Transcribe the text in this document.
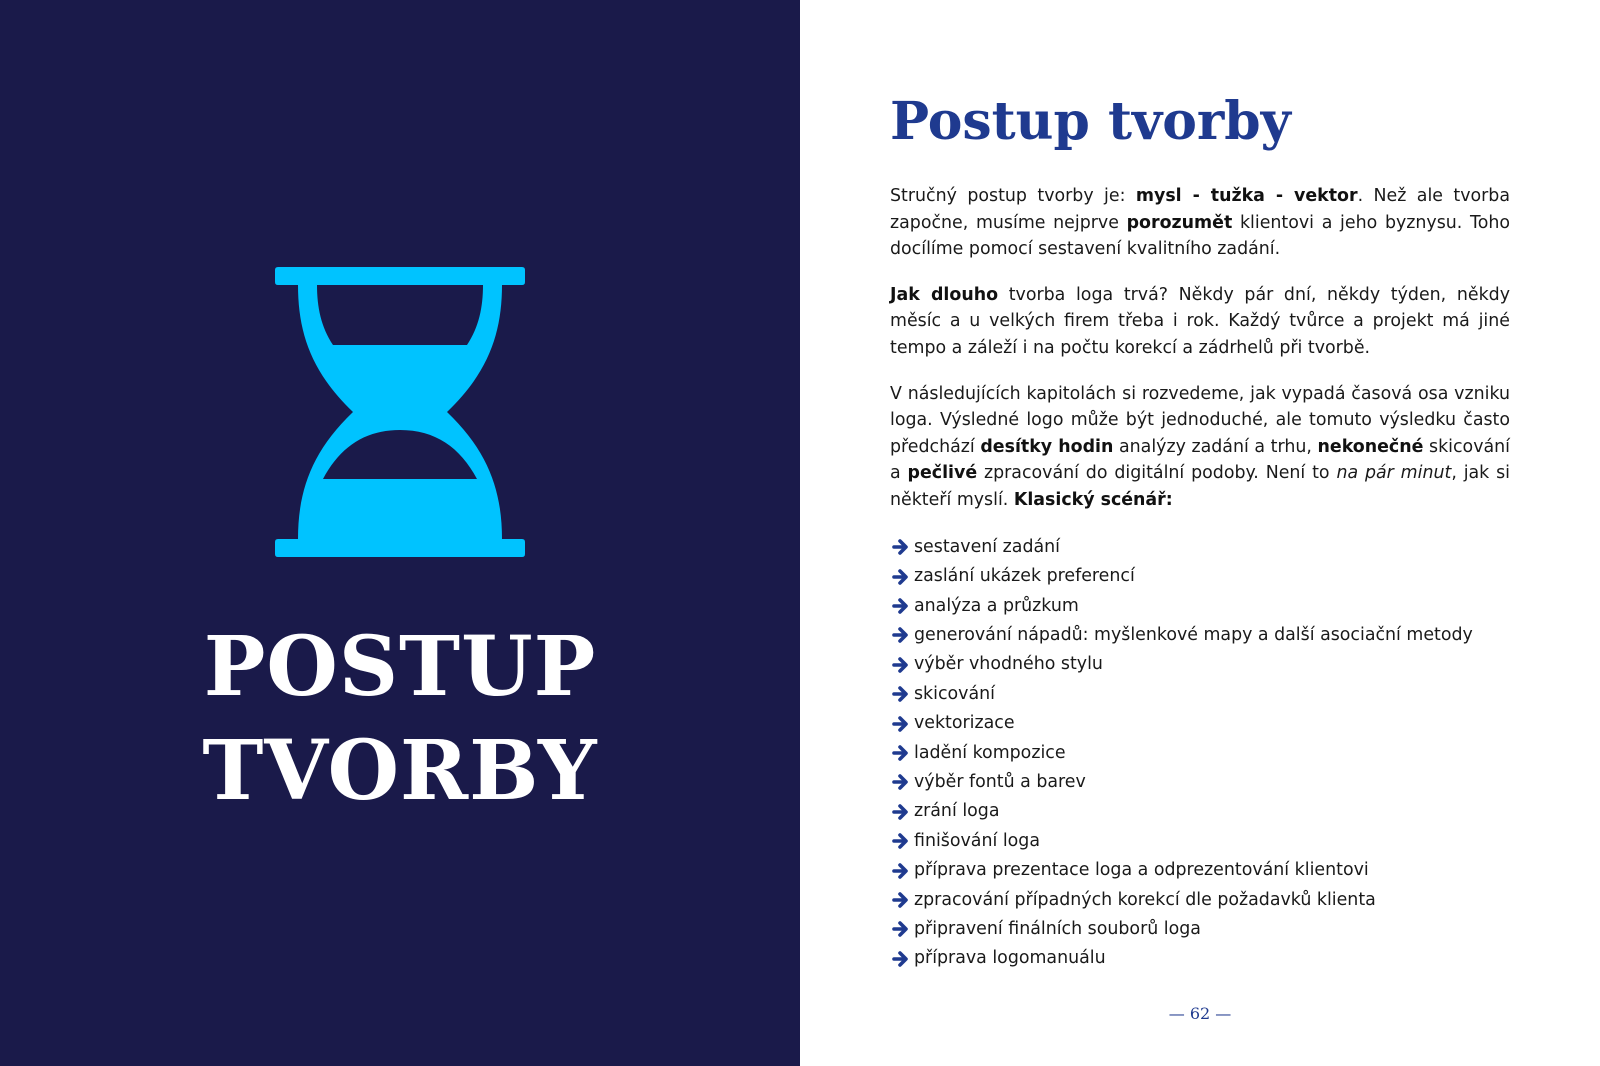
POSTUP
TVORBY
Postup tvorby

Stručný postup tvorby je: mysl - tužka - vektor. Než ale tvorba započne, musíme nejprve porozumět klientovi a jeho byznysu. Toho docílíme pomocí sestavení kvalitního zadání.

Jak dlouho tvorba loga trvá? Někdy pár dní, někdy týden, někdy měsíc a u velkých firem třeba i rok. Každý tvůrce a projekt má jiné tempo a záleží i na počtu korekcí a zádrhelů při tvorbě.

V následujících kapitolách si rozvedeme, jak vypadá časová osa vzniku loga. Výsledné logo může být jednoduché, ale tomuto výsledku často předchází desítky hodin analýzy zadání a trhu, nekonečné skicování a pečlivé zpracování do digitální podoby. Není to na pár minut, jak si někteří myslí. Klasický scénář:

sestavení zadání
zaslání ukázek preferencí
analýza a průzkum
generování nápadů: myšlenkové mapy a další asociační metody
výběr vhodného stylu
skicování
vektorizace
ladění kompozice
výběr fontů a barev
zrání loga
finišování loga
příprava prezentace loga a odprezentování klientovi
zpracování případných korekcí dle požadavků klienta
připravení finálních souborů loga
příprava logomanuálu
— 62 —
